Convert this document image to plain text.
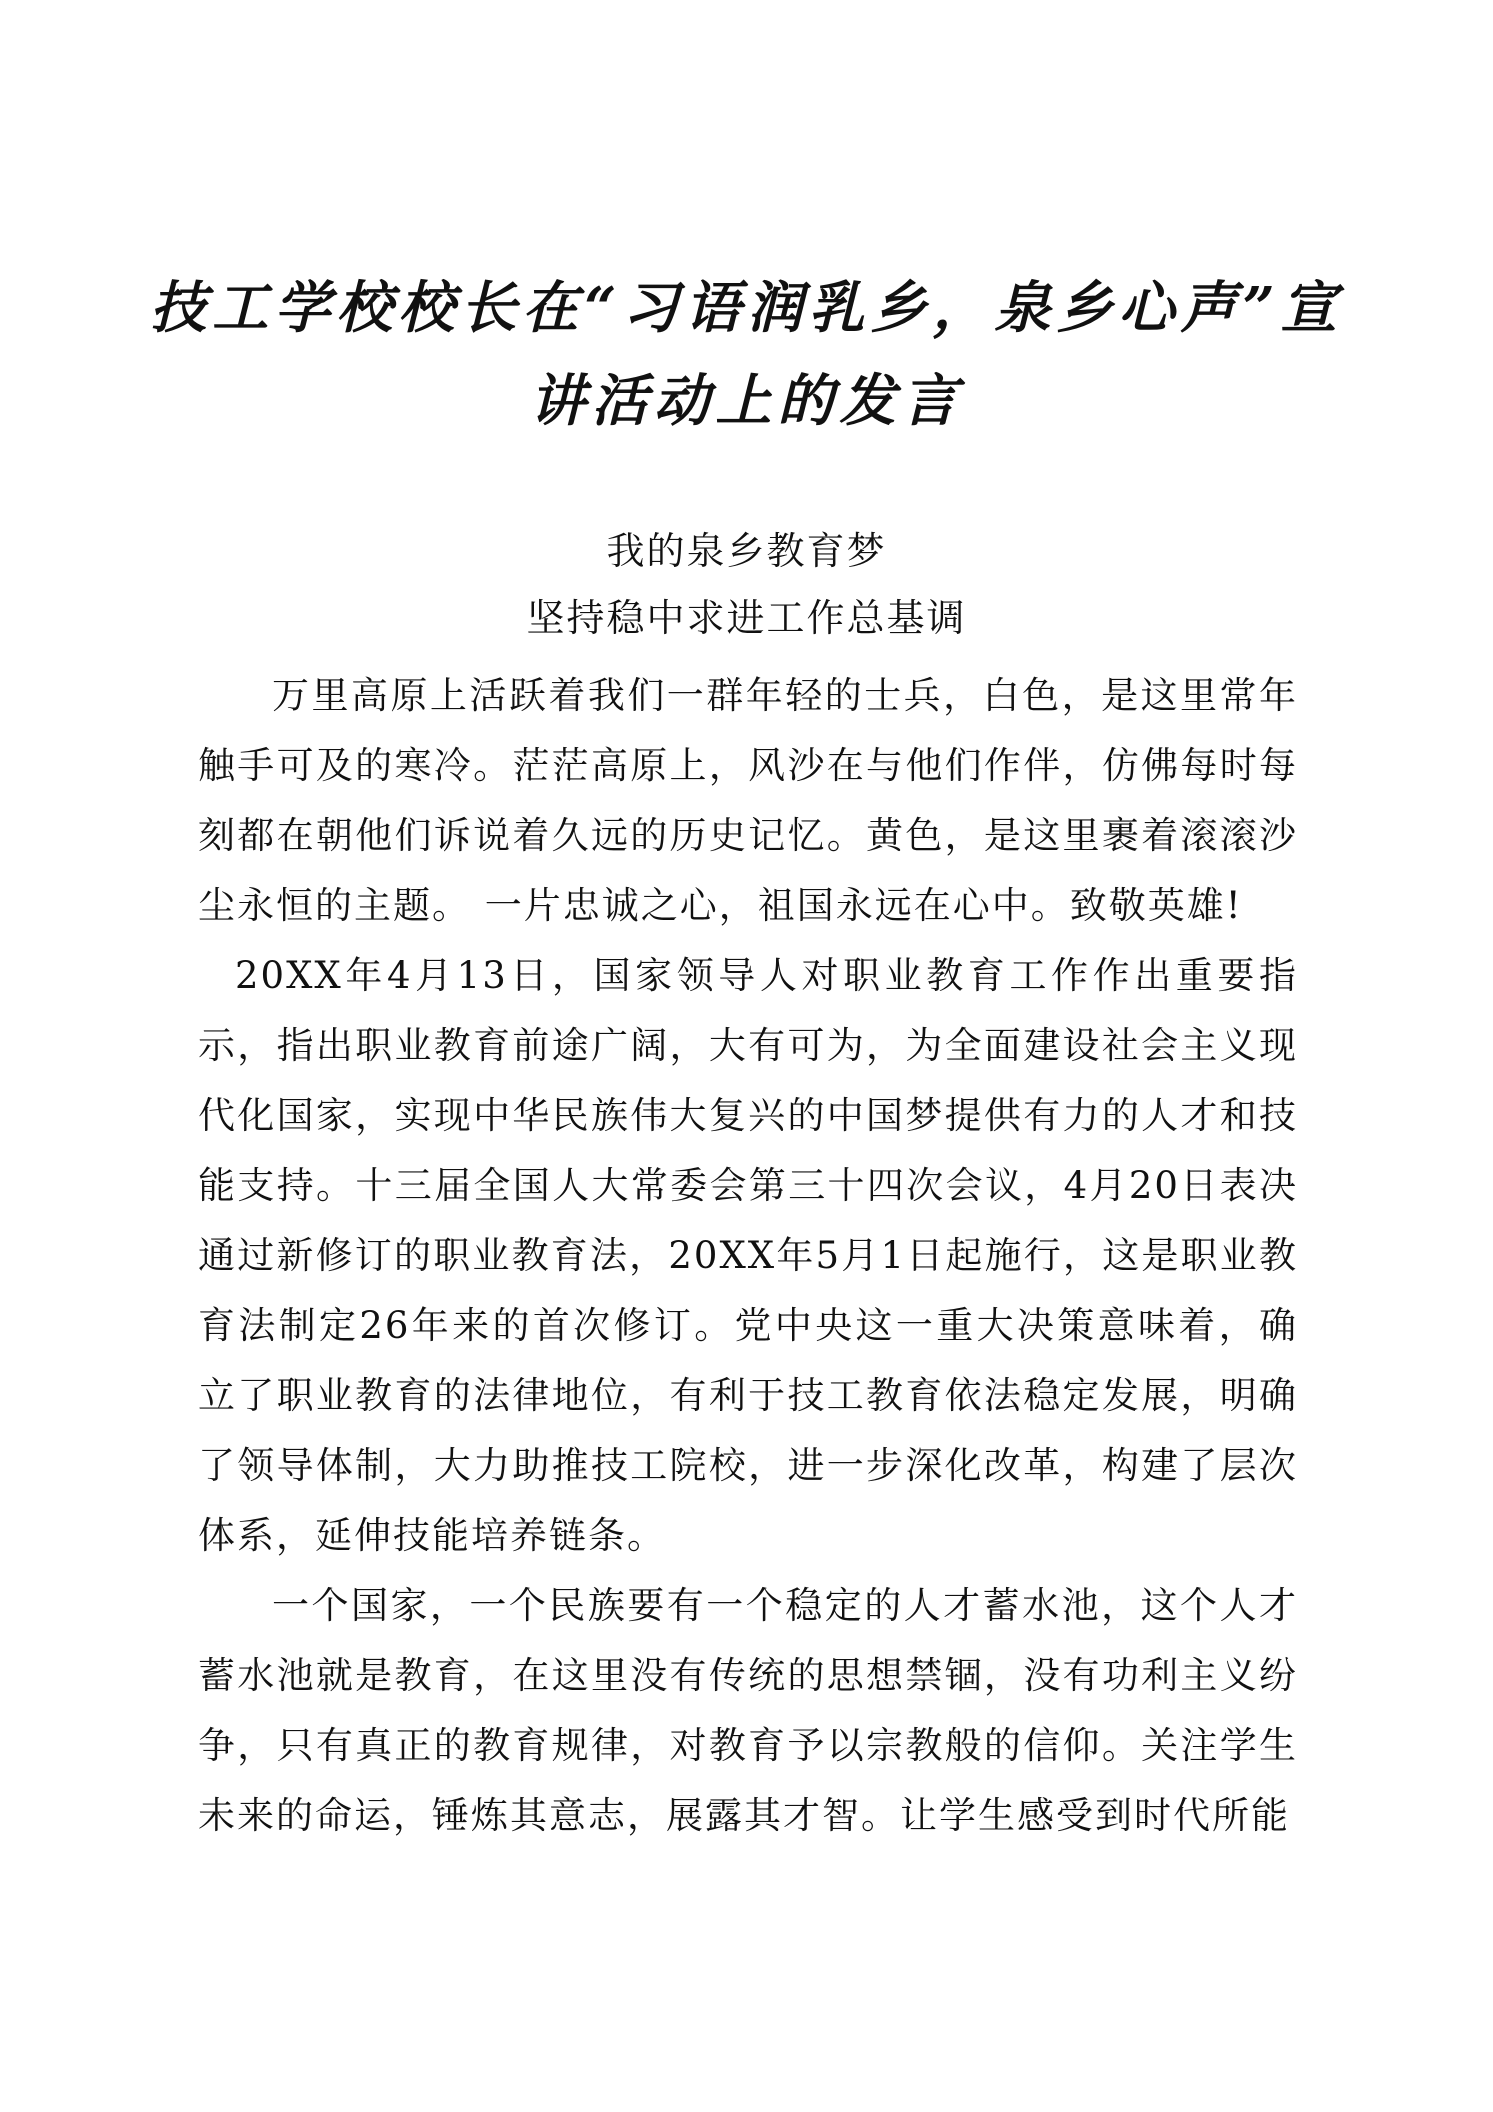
技工学校校长在“习语润乳乡，泉乡心声”宣讲活动上的发言
我的泉乡教育梦
坚持稳中求进工作总基调

万里高原上活跃着我们一群年轻的士兵，白色，是这里常年触手可及的寒冷。茫茫高原上，风沙在与他们作伴，仿佛每时每刻都在朝他们诉说着久远的历史记忆。黄色，是这里裹着滚滚沙尘永恒的主题。 一片忠诚之心，祖国永远在心中。致敬英雄!

20XX年4月13日，国家领导人对职业教育工作作出重要指示，指出职业教育前途广阔，大有可为，为全面建设社会主义现代化国家，实现中华民族伟大复兴的中国梦提供有力的人才和技能支持。十三届全国人大常委会第三十四次会议，4月20日表决通过新修订的职业教育法，20XX年5月1日起施行，这是职业教育法制定26年来的首次修订。党中央这一重大决策意味着，确立了职业教育的法律地位，有利于技工教育依法稳定发展，明确了领导体制，大力助推技工院校，进一步深化改革，构建了层次体系，延伸技能培养链条。

一个国家，一个民族要有一个稳定的人才蓄水池，这个人才蓄水池就是教育，在这里没有传统的思想禁锢，没有功利主义纷争，只有真正的教育规律，对教育予以宗教般的信仰。关注学生未来的命运，锤炼其意志，展露其才智。让学生感受到时代所能
